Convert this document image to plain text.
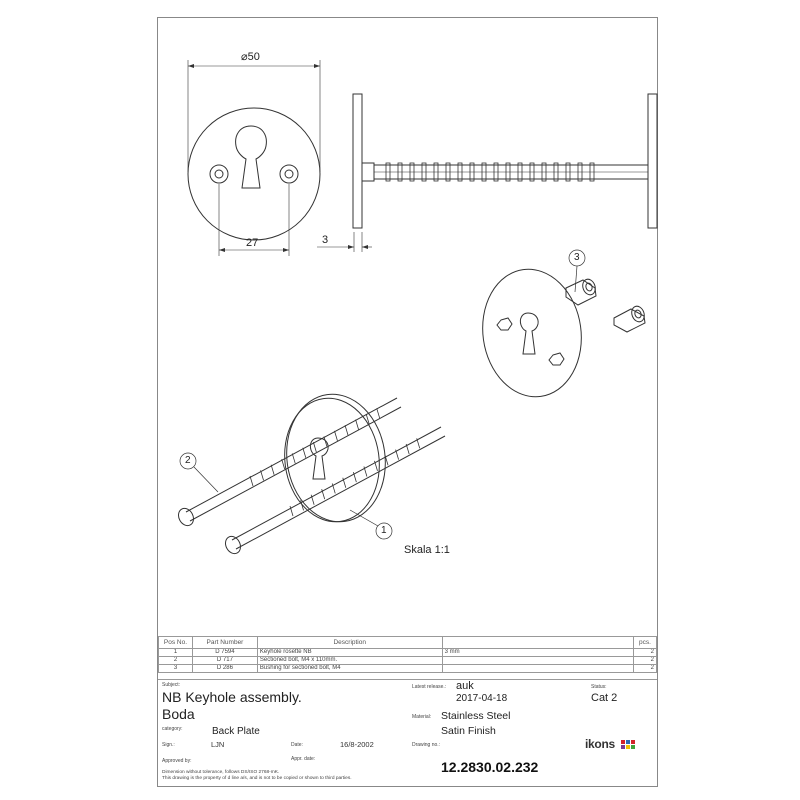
⌀50
27	3
2
1
3
Skala 1:1
Pos No.	Part Number	Description		pcs.
1	D 7594	Keyhole rosette NB	3 mm	2
2	D 717	Sectioned bolt, M4 x 110mm.		2
3	D 286	Bushing for sectioned bolt, M4		2
Subject:
NB Keyhole assembly.
Boda
category:	Back Plate
Sign.:	LJN	Date:	16/8-2002
Approved by:	Appr. date:
Dimension without tolerance, follows DS/ISO 2768-mK.
This drawing is the property of d line a/s, and is not to be copied or shown to third parties.
Latest release.: auk
2017-04-18
Material: Stainless Steel
Satin Finish
Drawing no.:
12.2830.02.232
Status:
Cat 2
ikons
